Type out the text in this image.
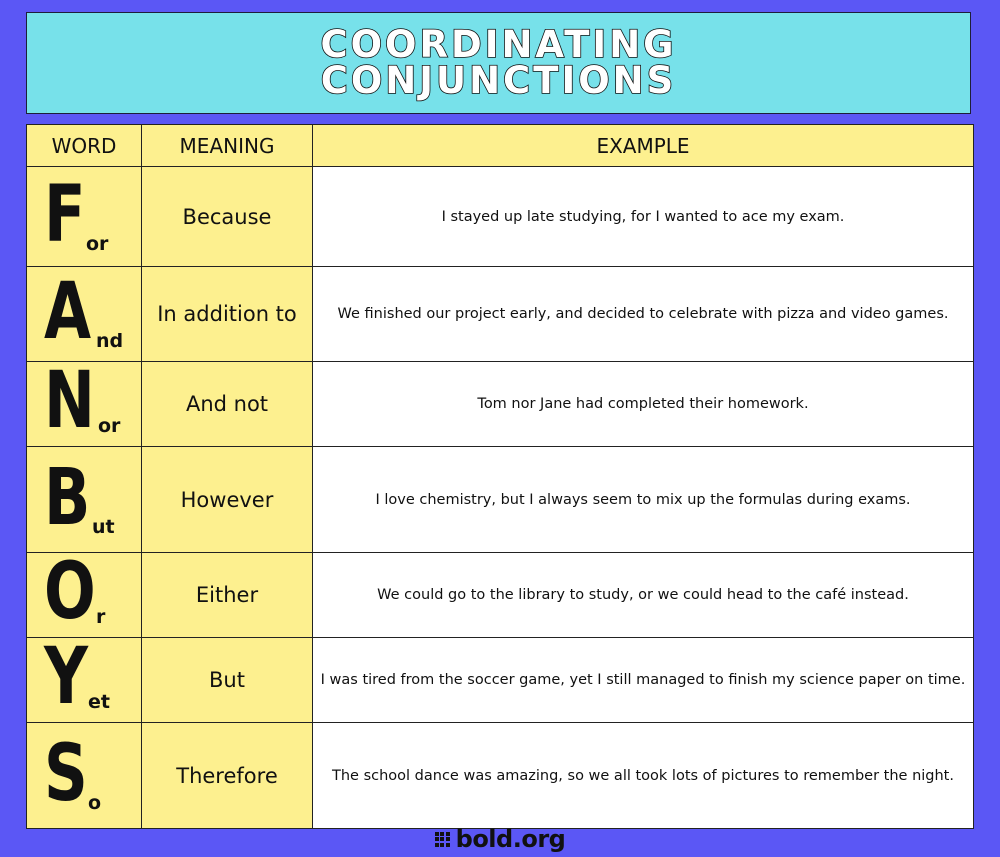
COORDINATING
CONJUNCTIONS
WORD	MEANING	EXAMPLE

F or	Because	I stayed up late studying, for I wanted to ace my exam.

A nd	In addition to	We finished our project early, and decided to celebrate with pizza and video games.

N or	And not	Tom nor Jane had completed their homework.

B ut	However	I love chemistry, but I always seem to mix up the formulas during exams.

O r	Either	We could go to the library to study, or we could head to the café instead.

Y et	But	I was tired from the soccer game, yet I still managed to finish my science paper on time.

S o	Therefore	The school dance was amazing, so we all took lots of pictures to remember the night.
bold.org
